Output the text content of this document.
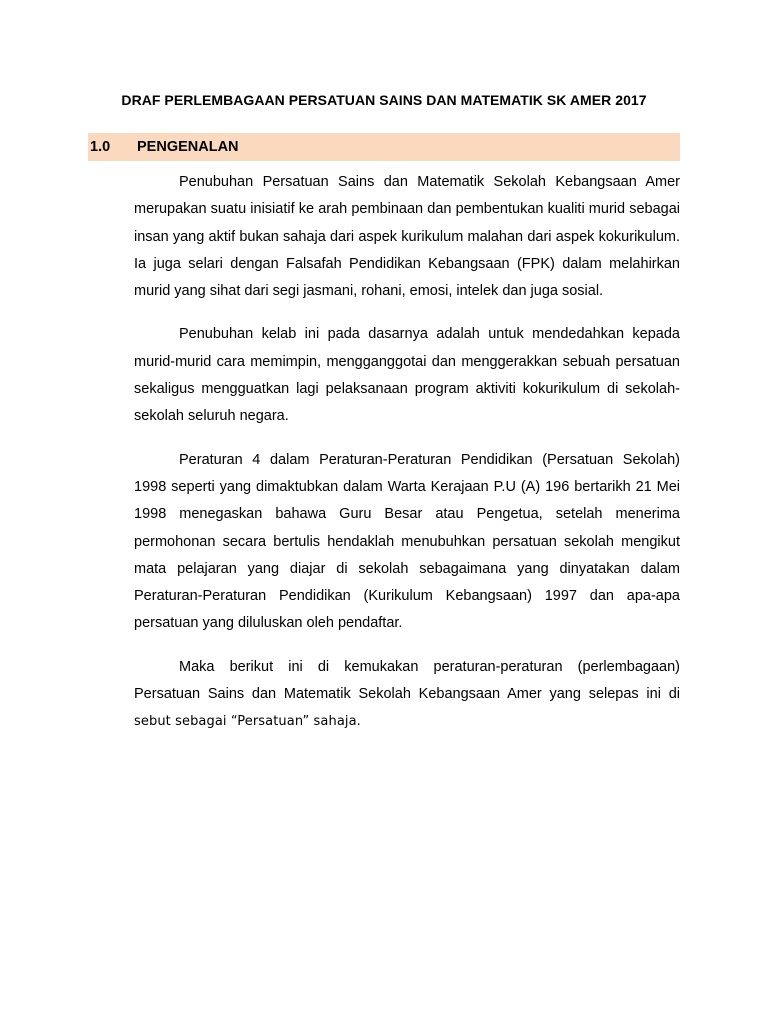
DRAF PERLEMBAGAAN PERSATUAN SAINS DAN MATEMATIK SK AMER 2017
1.0	PENGENALAN

Penubuhan Persatuan Sains dan Matematik Sekolah Kebangsaan Amer merupakan suatu inisiatif ke arah pembinaan dan pembentukan kualiti murid sebagai insan yang aktif bukan sahaja dari aspek kurikulum malahan dari aspek kokurikulum. Ia juga selari dengan Falsafah Pendidikan Kebangsaan (FPK) dalam melahirkan murid yang sihat dari segi jasmani, rohani, emosi, intelek dan juga sosial.

Penubuhan kelab ini pada dasarnya adalah untuk mendedahkan kepada murid-murid cara memimpin, mengganggotai dan menggerakkan sebuah persatuan sekaligus mengguatkan lagi pelaksanaan program aktiviti kokurikulum di sekolah-sekolah seluruh negara.

Peraturan 4 dalam Peraturan-Peraturan Pendidikan (Persatuan Sekolah) 1998 seperti yang dimaktubkan dalam Warta Kerajaan P.U (A) 196 bertarikh 21 Mei 1998 menegaskan bahawa Guru Besar atau Pengetua, setelah menerima permohonan secara bertulis hendaklah menubuhkan persatuan sekolah mengikut mata pelajaran yang diajar di sekolah sebagaimana yang dinyatakan dalam Peraturan-Peraturan Pendidikan (Kurikulum Kebangsaan) 1997 dan apa-apa persatuan yang diluluskan oleh pendaftar.

Maka berikut ini di kemukakan peraturan-peraturan (perlembagaan) Persatuan Sains dan Matematik Sekolah Kebangsaan Amer yang selepas ini di sebut sebagai “Persatuan” sahaja.
